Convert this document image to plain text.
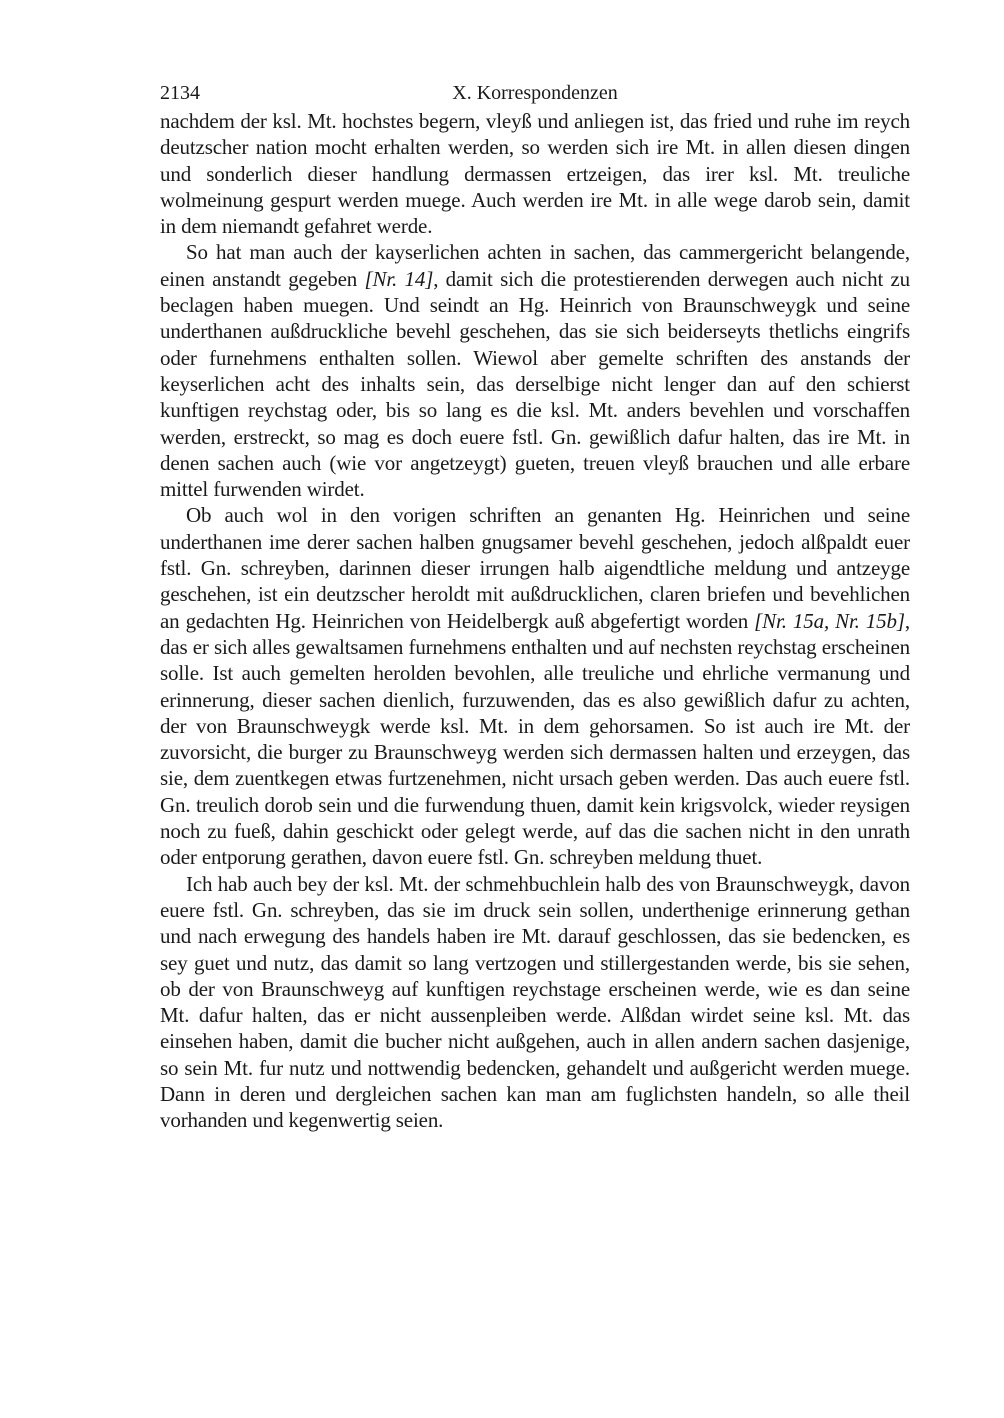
2134	X. Korrespondenzen

nachdem der ksl. Mt. hochstes begern, vleyß und anliegen ist, das fried und ruhe im reych deutzscher nation mocht erhalten werden, so werden sich ire Mt. in allen diesen dingen und sonderlich dieser handlung dermassen ertzeigen, das irer ksl. Mt. treuliche wolmeinung gespurt werden muege. Auch werden ire Mt. in alle wege darob sein, damit in dem niemandt gefahret werde.

So hat man auch der kayserlichen achten in sachen, das cammergericht belangende, einen anstandt gegeben [Nr. 14], damit sich die protestierenden derwegen auch nicht zu beclagen haben muegen. Und seindt an Hg. Heinrich von Braunschweygk und seine underthanen außdruckliche bevehl geschehen, das sie sich beiderseyts thetlichs eingrifs oder furnehmens enthalten sollen. Wiewol aber gemelte schriften des anstands der keyserlichen acht des inhalts sein, das derselbige nicht lenger dan auf den schierst kunftigen reychstag oder, bis so lang es die ksl. Mt. anders bevehlen und vorschaffen werden, erstreckt, so mag es doch euere fstl. Gn. gewißlich dafur halten, das ire Mt. in denen sachen auch (wie vor angetzeygt) gueten, treuen vleyß brauchen und alle erbare mittel furwenden wirdet.

Ob auch wol in den vorigen schriften an genanten Hg. Heinrichen und seine underthanen ime derer sachen halben gnugsamer bevehl geschehen, jedoch alßpaldt euer fstl. Gn. schreyben, darinnen dieser irrungen halb aigendtliche meldung und antzeyge geschehen, ist ein deutzscher heroldt mit außdrucklichen, claren briefen und bevehlichen an gedachten Hg. Heinrichen von Heidelbergk auß abgefertigt worden [Nr. 15a, Nr. 15b], das er sich alles gewaltsamen furnehmens enthalten und auf nechsten reychstag erscheinen solle. Ist auch gemelten herolden bevohlen, alle treuliche und ehrliche vermanung und erinnerung, dieser sachen dienlich, furzuwenden, das es also gewißlich dafur zu achten, der von Braunschweygk werde ksl. Mt. in dem gehorsamen. So ist auch ire Mt. der zuvorsicht, die burger zu Braunschweyg werden sich dermassen halten und erzeygen, das sie, dem zuentkegen etwas furtzenehmen, nicht ursach geben werden. Das auch euere fstl. Gn. treulich dorob sein und die furwendung thuen, damit kein krigsvolck, wieder reysigen noch zu fueß, dahin geschickt oder gelegt werde, auf das die sachen nicht in den unrath oder entporung gerathen, davon euere fstl. Gn. schreyben meldung thuet.

Ich hab auch bey der ksl. Mt. der schmehbuchlein halb des von Braunschweygk, davon euere fstl. Gn. schreyben, das sie im druck sein sollen, underthenige erinnerung gethan und nach erwegung des handels haben ire Mt. darauf geschlossen, das sie bedencken, es sey guet und nutz, das damit so lang vertzogen und stillergestanden werde, bis sie sehen, ob der von Braunschweyg auf kunftigen reychstage erscheinen werde, wie es dan seine Mt. dafur halten, das er nicht aussenpleiben werde. Alßdan wirdet seine ksl. Mt. das einsehen haben, damit die bucher nicht außgehen, auch in allen andern sachen dasjenige, so sein Mt. fur nutz und nottwendig bedencken, gehandelt und außgericht werden muege. Dann in deren und dergleichen sachen kan man am fuglichsten handeln, so alle theil vorhanden und kegenwertig seien.
